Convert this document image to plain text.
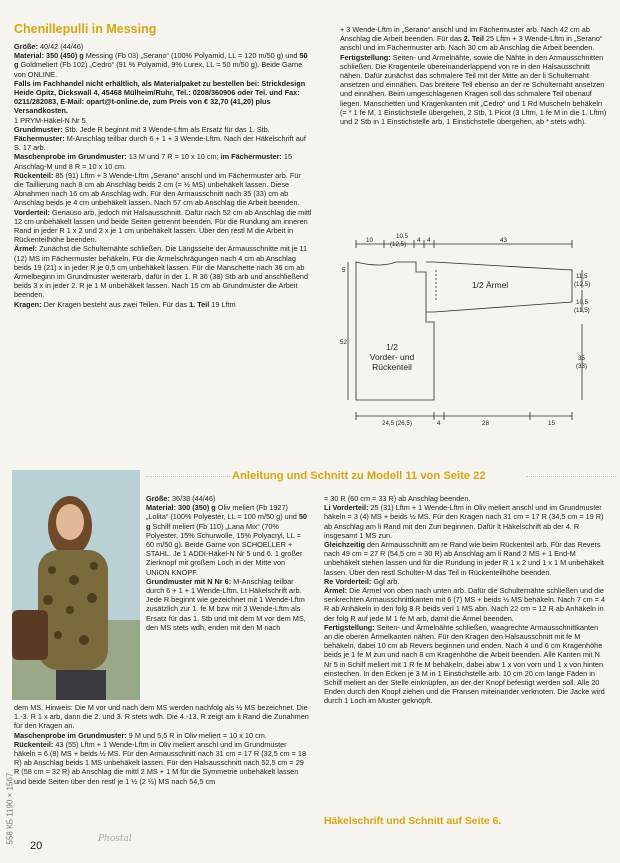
Chenillepulli in Messing

Größe: 40/42 (44/46)

Material: 350 (450) g Messing (Fb 03) „Serano“ (100% Polyamid, LL = 120 m/50 g) und 50 g Goldmeliert (Fb 102) „Cedro“ (91 % Polyamid, 9% Lurex, LL = 50 m/50 g). Beide Garne von ONLINE.

Falls im Fachhandel nicht erhältlich, als Materialpaket zu bestellen bei: Strickdesign Heide Opitz, Dickswall 4, 45468 Mülheim/Ruhr, Tel.: 0208/360906 oder Tel. und Fax: 0211/282083, E-Mail: opart@t-online.de, zum Preis von € 32,70 (41,20) plus Versandkosten.

1 PRYM-Häkel-N Nr 5.

Grundmuster: Stb. Jede R beginnt mit 3 Wende-Lftm als Ersatz für das 1. Stb.

Fächermuster: M-Anschlag teilbar durch 6 + 1 + 3 Wende-Lftm. Nach der Häkelschrift auf S. 17 arb.

Maschenprobe im Grundmuster: 13 M und 7 R = 10 x 10 cm; im Fächermuster: 15 Anschlag-M und 8 R = 10 x 10 cm.

Rückenteil: 85 (91) Lftm + 3 Wende-Lftm „Serano“ anschl und im Fächermuster arb. Für die Taillierung nach 8 cm ab Anschlag beids 2 cm (= ½ MS) unbehäkelt lassen. Diese Abnahmen nach 16 cm ab Anschlag wdh. Für den Armausschnitt nach 35 (33) cm ab Anschlag beids je 4 cm unbehäkelt lassen. Nach 57 cm ab Anschlag die Arbeit beenden.

Vorderteil: Genauso arb, jedoch mit Halsausschnitt. Dafür nach 52 cm ab Anschlag die mittl 12 cm unbehäkelt lassen und beide Seiten getrennt beenden. Für die Rundung am inneren Rand in jeder R 1 x 2 und 2 x je 1 cm unbehäkelt lassen. Über den restl M die Arbeit in Rückenteilhöhe beenden.

Ärmel: Zunächst die Schulternähte schließen. Die Längsseite der Armausschnitte mit je 11 (12) MS im Fächermuster behäkeln. Für die Ärmelschrägungen nach 4 cm ab Anschlag beids 19 (21) x in jeder R je 0,5 cm unbehäkelt lassen. Für die Manschette nach 36 cm ab Ärmelbeginn im Grundmuster weiterarb, dafür in der 1. R 36 (38) Stb arb und anschließend beids 3 x in jeder 2. R je 1 M unbehäkelt lassen. Nach 15 cm ab Grundmuster die Arbeit beenden.

Kragen: Der Kragen besteht aus zwei Teilen. Für das 1. Teil 19 Lftm

+ 3 Wende-Lftm in „Serano“ anschl und im Fächermuster arb. Nach 42 cm ab Anschlag die Arbeit beenden. Für das 2. Teil 25 Lftm + 3 Wende-Lftm in „Serano“ anschl und im Fächermuster arb. Nach 30 cm ab Anschlag die Arbeit beenden.

Fertigstellung: Seiten- und Ärmelnähte, sowie die Nähte in den Armausschnitten schließen. Die Kragenteile übereinanderlappend von re in den Halsausschnitt nähen. Dafür zunächst das schmalere Teil mit der Mitte an der li Schulternaht ansetzen und einnähen. Das breitere Teil ebenso an der re Schulternaht ansetzen und einnähen. Beim umgeschlagenen Kragen soll das schmalere Teil obenauf liegen. Manschetten und Kragenkanten mit „Cedro“ und 1 Rd Muscheln behäkeln (= * 1 fe M, 1 Einstichstelle übergehen, 2 Stb, 1 Picot (3 Lftm, 1 fe M in die 1. Lftm) und 2 Stb in 1 Einstichstelle arb, 1 Einstichstelle übergehen, ab * stets wdh).

10
10,5
(12,5)
4 4	43
5
52
11,5
(12,5)
10,5
(11,5)
35
(33)
24,5 (26,5)	4	28	15
1/2 Ärmel
1/2
Vorder- und
Rückenteil
Anleitung und Schnitt zu Modell 11 von Seite 22

Größe: 36/38 (44/46)

Material: 300 (350) g Oliv meliert (Fb 1927) „Lolita“ (100% Polyester, LL = 100 m/50 g) und 50 g Schilf meliert (Fb 110) „Lana Mix“ (70% Polyester, 15% Schurwolle, 15% Polyacryl, LL = 60 m/50 g). Beide Garne von SCHOELLER + STAHL. Je 1 ADDI-Häkel-N Nr 5 und 6. 1 großer Zierknopf mit großem Loch in der Mitte von UNION KNOPF.

Grundmuster mit N Nr 6: M-Anschlag teilbar durch 6 + 1 + 1 Wende-Lftm. Lt Häkelschrift arb. Jede R beginnt wie gezeichnet mit 1 Wende-Lftm zusätzlich zur 1. fe M bzw mit 3 Wende-Lftm als Ersatz für das 1. Stb und mit dem M vor dem MS, den MS stets wdh, enden mit den M nach

dem MS. Hinweis: Die M vor und nach dem MS werden nachfolg als ½ MS bezeichnet. Die 1.-3. R 1 x arb, dann die 2. und 3. R stets wdh. Die 4.-13. R zeigt am li Rand die Zunahmen für den Kragen an.

Maschenprobe im Grundmuster: 9 M und 5,5 R in Oliv meliert = 10 x 10 cm.

Rückenteil: 43 (55) Lftm + 1 Wende-Lftm in Oliv meliert anschl und im Grundmuster häkeln = 6 (8) MS + beids ½ MS. Für den Armausschnitt nach 31 cm = 17 R (32,5 cm = 18 R) ab Anschlag beids 1 MS unbehäkelt lassen. Für den Halsausschnitt nach 52,5 cm = 29 R (58 cm = 32 R) ab Anschlag die mittl 2 MS + 1 M für die Symmetrie unbehäkelt lassen und beide Seiten über den restl je 1 ½ (2 ½) MS nach 54,5 cm

= 30 R (60 cm = 33 R) ab Anschlag beenden.

Li Vorderteil: 25 (31) Lftm + 1 Wende-Lftm in Oliv meliert anschl und im Grundmuster häkeln = 3 (4) MS + beids ½ MS. Für den Kragen nach 31 cm = 17 R (34,5 cm = 19 R) ab Anschlag am li Rand mit den Zun beginnen. Dafür lt Häkelschrift ab der 4. R insgesamt 1 MS zun.

Gleichzeitig den Armausschnitt am re Rand wie beim Rückenteil arb. Für das Revers nach 49 cm = 27 R (54,5 cm = 30 R) ab Anschlag am li Rand 2 MS + 1 End-M unbehäkelt stehen lassen und für die Rundung in jeder R 1 x 2 und 1 x 1 M unbehäkelt lassen. Über den restl Schulter-M das Teil in Rückenteilhöhe beenden.

Re Vorderteil: Ggl arb.

Ärmel: Die Ärmel von oben nach unten arb. Dafür die Schulternähte schließen und die senkrechten Armausschnittkanten mit 6 (7) MS + beids ½ MS behäkeln. Nach 7 cm = 4 R ab Anhäkeln in den folg 8 R beids verl 1 MS abn. Nach 22 cm = 12 R ab Anhäkeln in der folg R auf jede M 1 fe M arb, damit die Ärmel beenden.

Fertigstellung: Seiten- und Ärmelnähte schließen, waagrechte Armausschnittkanten an die oberen Ärmelkanten nähen. Für den Kragen den Halsausschnitt mit fe M behäkeln, dabei 10 cm ab Revers beginnen und enden. Nach 4 und 6 cm Kragenhöhe beids je 1 fe M zun und nach 8 cm Kragenhöhe die Arbeit beenden. Alle Kanten mit N Nr 5 in Schilf meliert mit 1 R fe M behäkeln, dabei abw 1 x von vorn und 1 x von hinten einstechen. In den Ecken je 3 M in 1 Einstichstelle arb. 10 cm 20 cm lange Fäden in Schilf meliert an der Stelle einknüpfen, an der der Knopf befestigt werden soll. Alle 20 Enden durch den Knopf ziehen und die Fransen miteinander verknoten. Die Jacke wird durch 1 Loch im Muster geknöpft.

Häkelschrift und Schnitt auf Seite 6.
20
Phostal
558 КБ 1190 × 1567
